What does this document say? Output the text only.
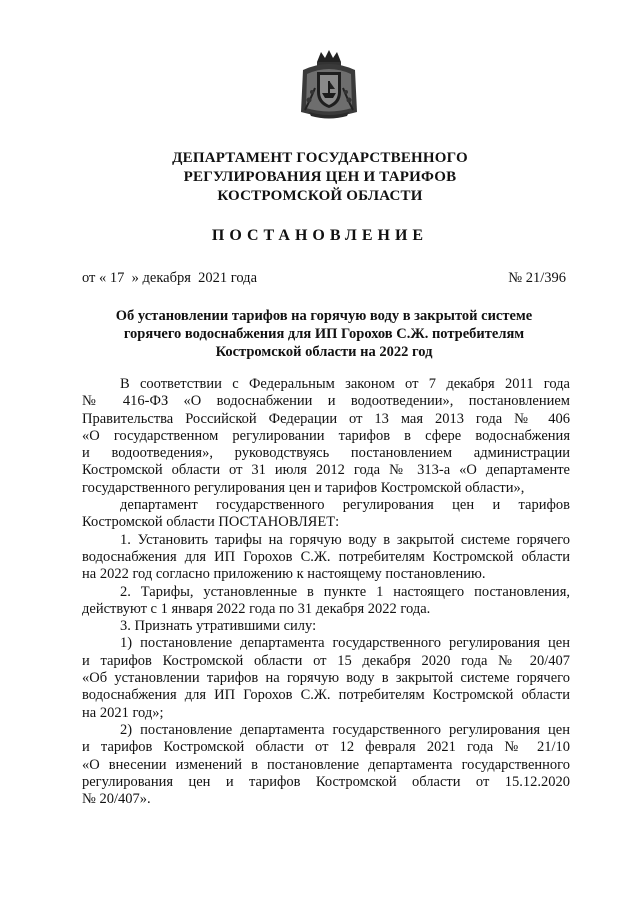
ДЕПАРТАМЕНТ ГОСУДАРСТВЕННОГО
РЕГУЛИРОВАНИЯ ЦЕН И ТАРИФОВ
КОСТРОМСКОЙ ОБЛАСТИ
ПОСТАНОВЛЕНИЕ
от « 17  » декабря  2021 года	№ 21/396
Об установлении тарифов на горячую воду в закрытой системе
горячего водоснабжения для ИП Горохов С.Ж. потребителям
Костромской области на 2022 год

В соответствии с Федеральным законом от 7 декабря 2011 года

№ 416-ФЗ «О водоснабжении и водоотведении», постановлением

Правительства Российской Федерации от 13 мая 2013 года № 406

«О государственном регулировании тарифов в сфере водоснабжения

и водоотведения», руководствуясь постановлением администрации

Костромской области от 31 июля 2012 года № 313-а «О департаменте

государственного регулирования цен и тарифов Костромской области»,

департамент государственного регулирования цен и тарифов

Костромской области ПОСТАНОВЛЯЕТ:

1. Установить тарифы на горячую воду в закрытой системе горячего

водоснабжения для ИП Горохов С.Ж. потребителям Костромской области

на 2022 год согласно приложению к настоящему постановлению.

2. Тарифы, установленные в пункте 1 настоящего постановления,

действуют с 1 января 2022 года по 31 декабря 2022 года.

3. Признать утратившими силу:

1) постановление департамента государственного регулирования цен

и тарифов Костромской области от 15 декабря 2020 года № 20/407

«Об установлении тарифов на горячую воду в закрытой системе горячего

водоснабжения для ИП Горохов С.Ж. потребителям Костромской области

на 2021 год»;

2) постановление департамента государственного регулирования цен

и тарифов Костромской области от 12 февраля 2021 года № 21/10

«О внесении изменений в постановление департамента государственного

регулирования цен и тарифов Костромской области от 15.12.2020

№ 20/407».
